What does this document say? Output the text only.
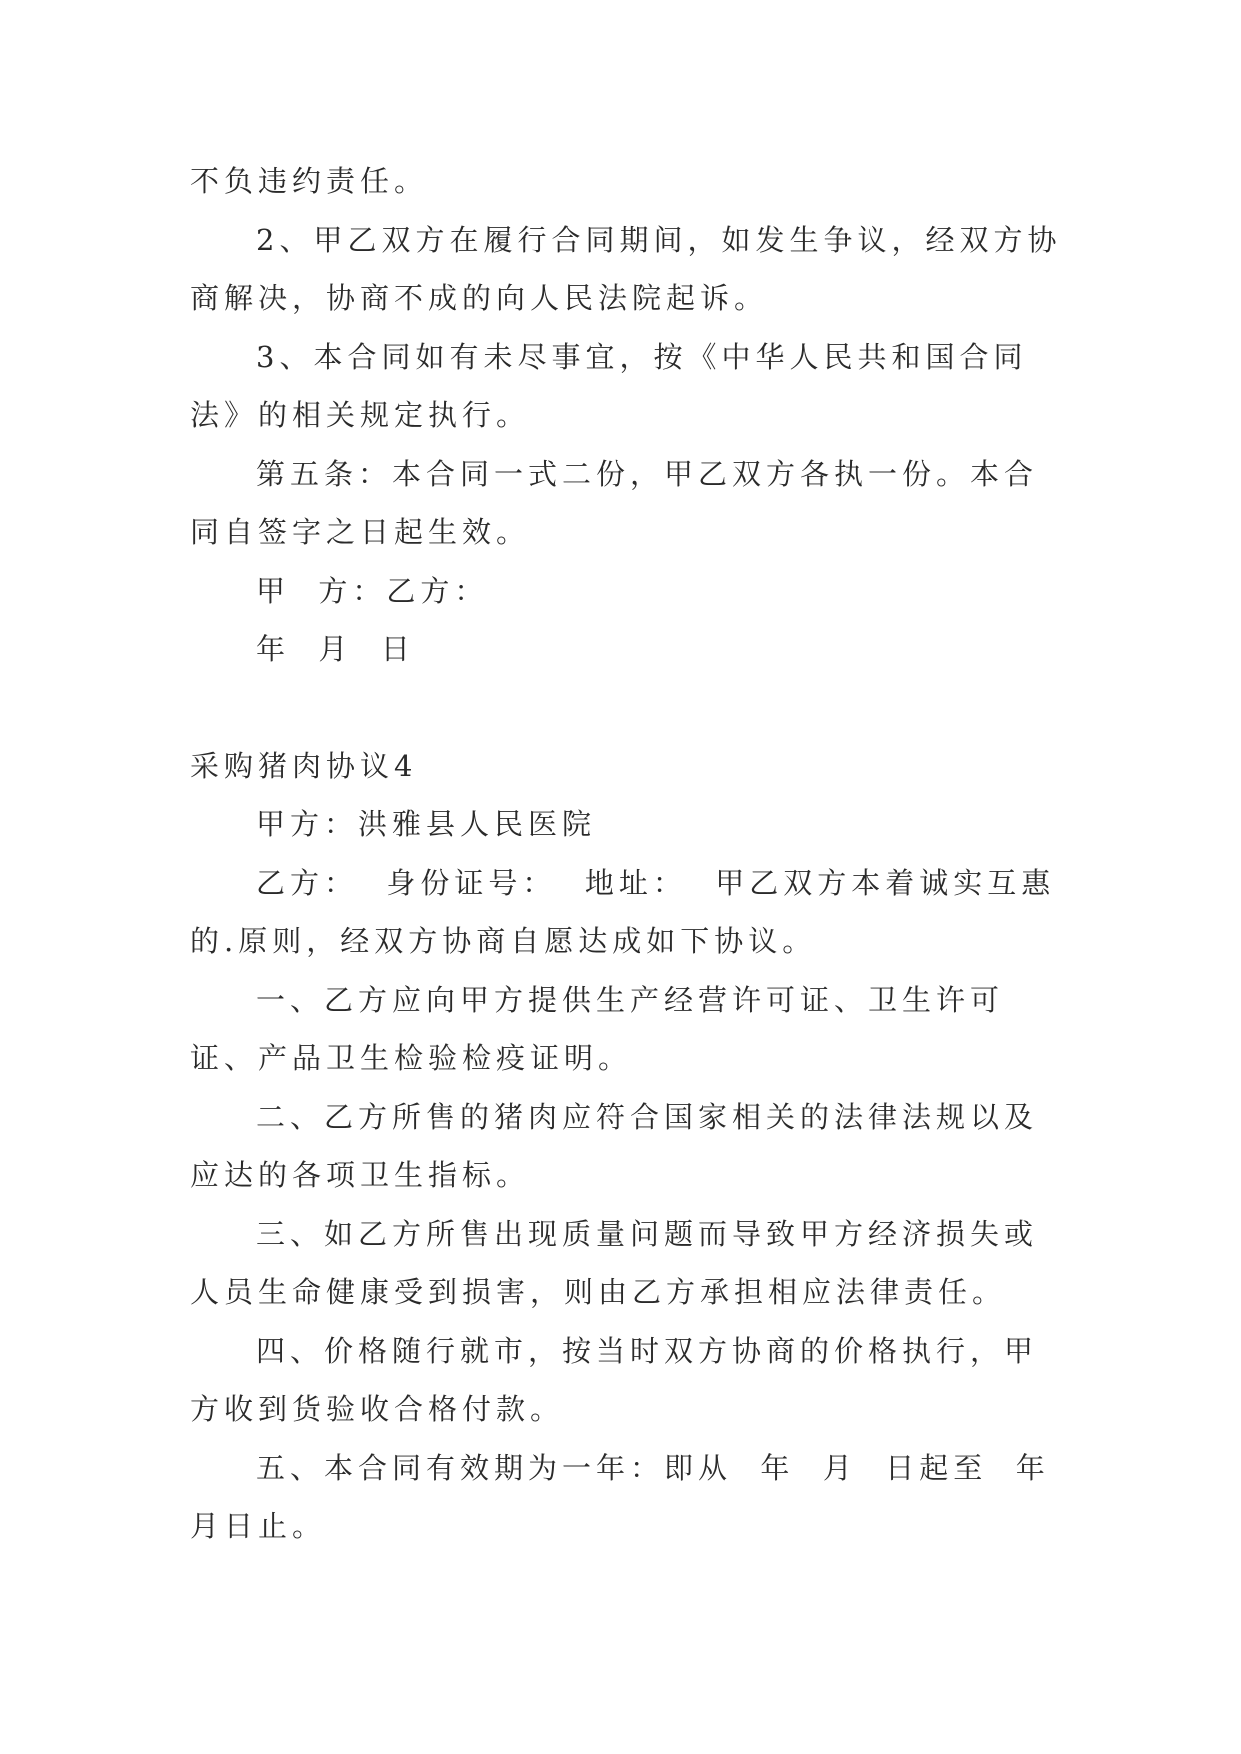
不负违约责任。

2、甲乙双方在履行合同期间，如发生争议，经双方协商解决，协商不成的向人民法院起诉。

3、本合同如有未尽事宜，按《中华人民共和国合同法》的相关规定执行。

第五条：本合同一式二份，甲乙双方各执一份。本合同自签字之日起生效。

甲  方：乙方：

年  月  日

采购猪肉协议4

甲方：洪雅县人民医院

乙方：  身份证号：  地址：  甲乙双方本着诚实互惠的.原则，经双方协商自愿达成如下协议。

一、乙方应向甲方提供生产经营许可证、卫生许可证、产品卫生检验检疫证明。

二、乙方所售的猪肉应符合国家相关的法律法规以及应达的各项卫生指标。

三、如乙方所售出现质量问题而导致甲方经济损失或人员生命健康受到损害，则由乙方承担相应法律责任。

四、价格随行就市，按当时双方协商的价格执行，甲方收到货验收合格付款。

五、本合同有效期为一年：即从  年  月  日起至  年  月日止。
